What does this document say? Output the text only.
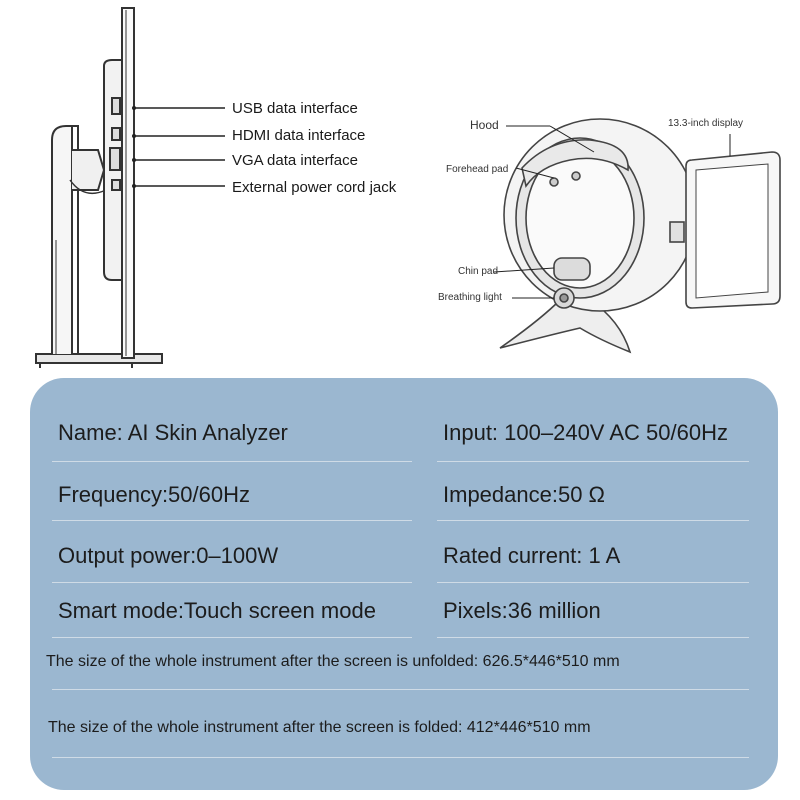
USB data interface
HDMI data interface
VGA data interface
External power cord jack
Hood	13.3-inch display
Forehead pad
Chin pad
Breathing light
Name: AI Skin Analyzer	Input: 100–240V AC 50/60Hz
Frequency:50/60Hz	Impedance:50 Ω
Output power:0–100W	Rated current: 1 A
Smart mode:Touch screen mode	Pixels:36 million
The size of the whole instrument after the screen is unfolded: 626.5*446*510 mm
The size of the whole instrument after the screen is folded: 412*446*510 mm
